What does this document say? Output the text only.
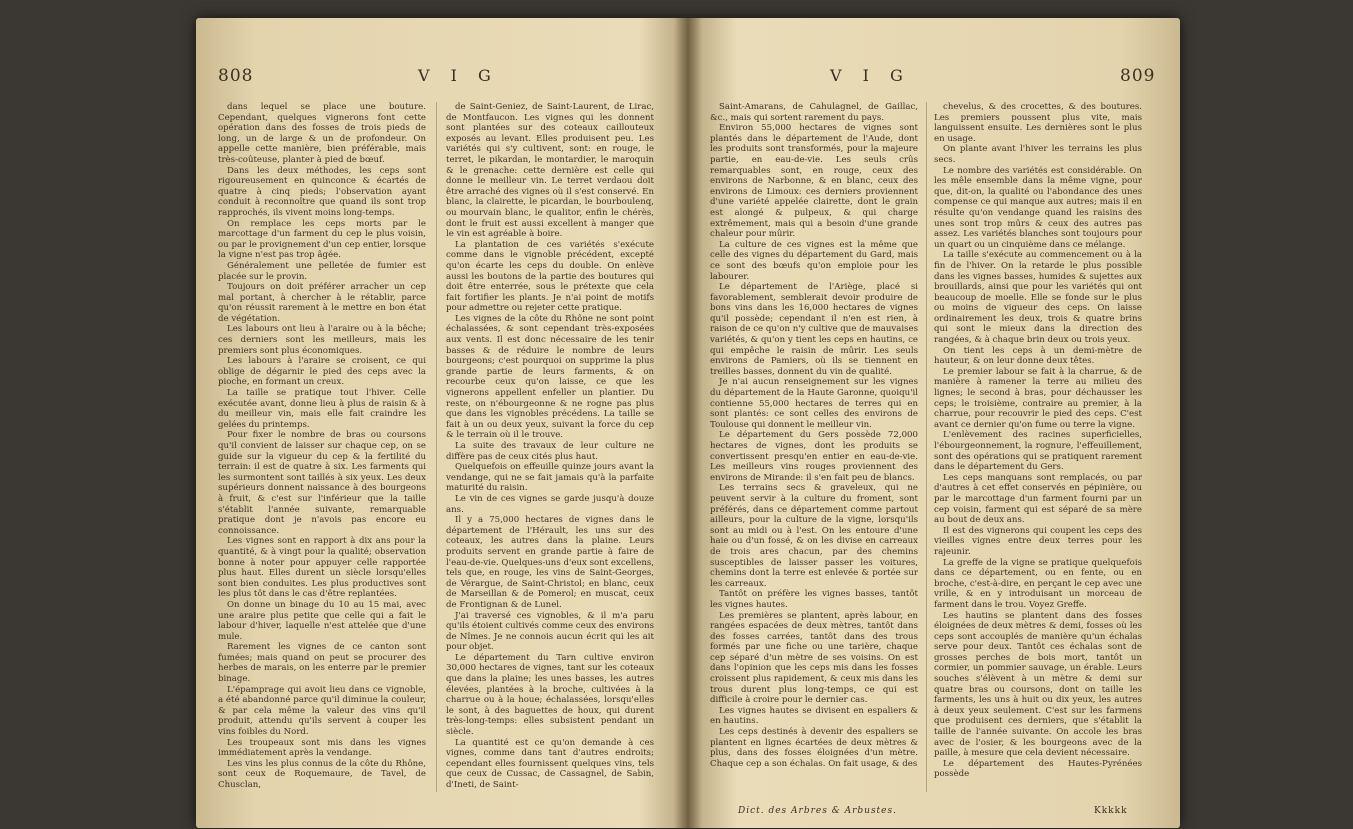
808	V I G

dans lequel se place une bouture. Cependant, quelques vignerons font cette opération dans des fosses de trois pieds de long, un de large & un de profondeur. On appelle cette manière, bien préférable, mais très-coûteuse, planter à pied de bœuf.

Dans les deux méthodes, les ceps sont rigoureusement en quinconce & écartés de quatre à cinq pieds; l'observation ayant conduit à reconnoître que quand ils sont trop rapprochés, ils vivent moins long-temps.

On remplace les ceps morts par le marcottage d'un farment du cep le plus voisin, ou par le provignement d'un cep entier, lorsque la vigne n'est pas trop âgée.

Généralement une pelletée de fumier est placée sur le provin.

Toujours on doit préférer arracher un cep mal portant, à chercher à le rétablir, parce qu'on réussit rarement à le mettre en bon état de végétation.

Les labours ont lieu à l'araire ou à la bêche; ces derniers sont les meilleurs, mais les premiers sont plus économiques.

Les labours à l'araire se croisent, ce qui oblige de dégarnir le pied des ceps avec la pioche, en formant un creux.

La taille se pratique tout l'hiver. Celle exécutée avant, donne lieu à plus de raisin & à du meilleur vin, mais elle fait craindre les gelées du printemps.

Pour fixer le nombre de bras ou coursons qu'il convient de laisser sur chaque cep, on se guide sur la vigueur du cep & la fertilité du terrain: il est de quatre à six. Les farments qui les surmontent sont taillés à six yeux. Les deux supérieurs donnent naissance à des bourgeons à fruit, & c'est sur l'inférieur que la taille s'établit l'année suivante, remarquable pratique dont je n'avois pas encore eu connoissance.

Les vignes sont en rapport à dix ans pour la quantité, & à vingt pour la qualité; observation bonne à noter pour appuyer celle rapportée plus haut. Elles durent un siècle lorsqu'elles sont bien conduites. Les plus productives sont les plus tôt dans le cas d'être replantées.

On donne un binage du 10 au 15 mai, avec une araire plus petite que celle qui a fait le labour d'hiver, laquelle n'est attelée que d'une mule.

Rarement les vignes de ce canton sont fumées; mais quand on peut se procurer des herbes de marais, on les enterre par le premier binage.

L'épamprage qui avoit lieu dans ce vignoble, a été abandonné parce qu'il diminue la couleur, & par cela même la valeur des vins qu'il produit, attendu qu'ils servent à couper les vins foibles du Nord.

Les troupeaux sont mis dans les vignes immédiatement après la vendange.

Les vins les plus connus de la côte du Rhône, sont ceux de Roquemaure, de Tavel, de Chusclan,

de Saint-Geniez, de Saint-Laurent, de Lirac, de Montfaucon. Les vignes qui les donnent sont plantées sur des coteaux caillouteux exposés au levant. Elles produisent peu. Les variétés qui s'y cultivent, sont: en rouge, le terret, le pikardan, le montardier, le maroquin & le grenache: cette dernière est celle qui donne le meilleur vin. Le terret verdaou doit être arraché des vignes où il s'est conservé. En blanc, la clairette, le picardan, le bourboulenq, ou mourvain blanc, le qualitor, enfin le chérès, dont le fruit est aussi excellent à manger que le vin est agréable à boire.

La plantation de ces variétés s'exécute comme dans le vignoble précédent, excepté qu'on écarte les ceps du double. On enlève aussi les boutons de la partie des boutures qui doit être enterrée, sous le prétexte que cela fait fortifier les plants. Je n'ai point de motifs pour admettre ou rejeter cette pratique.

Les vignes de la côte du Rhône ne sont point échalassées, & sont cependant très-exposées aux vents. Il est donc nécessaire de les tenir basses & de réduire le nombre de leurs bourgeons; c'est pourquoi on supprime la plus grande partie de leurs farments, & on recourbe ceux qu'on laisse, ce que les vignerons appellent enfeller un plantier. Du reste, on n'ébourgeonne & ne rogne pas plus que dans les vignobles précédens. La taille se fait à un ou deux yeux, suivant la force du cep & le terrain où il le trouve.

La suite des travaux de leur culture ne diffère pas de ceux cités plus haut.

Quelquefois on effeuille quinze jours avant la vendange, qui ne se fait jamais qu'à la parfaite maturité du raisin.

Le vin de ces vignes se garde jusqu'à douze ans.

Il y a 75,000 hectares de vignes dans le département de l'Hérault, les uns sur des coteaux, les autres dans la plaine. Leurs produits servent en grande partie à faire de l'eau-de-vie. Quelques-uns d'eux sont excellens, tels que, en rouge, les vins de Saint-Georges, de Vérargue, de Saint-Christol; en blanc, ceux de Marseillan & de Pomerol; en muscat, ceux de Frontignan & de Lunel.

J'ai traversé ces vignobles, & il m'a paru qu'ils étoient cultivés comme ceux des environs de Nîmes. Je ne connois aucun écrit qui les ait pour objet.

Le département du Tarn cultive environ 30,000 hectares de vignes, tant sur les coteaux que dans la plaine; les unes basses, les autres élevées, plantées à la broche, cultivées à la charrue ou à la houe; échalassées, lorsqu'elles le sont, à des baguettes de houx, qui durent très-long-temps: elles subsistent pendant un siècle.

La quantité est ce qu'on demande à ces vignes, comme dans tant d'autres endroits; cependant elles fournissent quelques vins, tels que ceux de Cussac, de Cassagnel, de Sabin, d'Ineti, de Saint-

V I G	809

Saint-Amarans, de Cahulagnel, de Gaillac, &c., mais qui sortent rarement du pays.

Environ 55,000 hectares de vignes sont plantés dans le département de l'Aude, dont les produits sont transformés, pour la majeure partie, en eau-de-vie. Les seuls crûs remarquables sont, en rouge, ceux des environs de Narbonne, & en blanc, ceux des environs de Limoux: ces derniers proviennent d'une variété appelée clairette, dont le grain est alongé & pulpeux, & qui charge extrêmement, mais qui a besoin d'une grande chaleur pour mûrir.

La culture de ces vignes est la même que celle des vignes du département du Gard, mais ce sont des bœufs qu'on emploie pour les labourer.

Le département de l'Ariège, placé si favorablement, semblerait devoir produire de bons vins dans les 16,000 hectares de vignes qu'il possède; cependant il n'en est rien, à raison de ce qu'on n'y cultive que de mauvaises variétés, & qu'on y tient les ceps en hautins, ce qui empêche le raisin de mûrir. Les seuls environs de Pamiers, où ils se tiennent en treilles basses, donnent du vin de qualité.

Je n'ai aucun renseignement sur les vignes du département de la Haute Garonne, quoiqu'il contienne 55,000 hectares de terres qui en sont plantés: ce sont celles des environs de Toulouse qui donnent le meilleur vin.

Le département du Gers possède 72,000 hectares de vignes, dont les produits se convertissent presqu'en entier en eau-de-vie. Les meilleurs vins rouges proviennent des environs de Mirande: il s'en fait peu de blancs.

Les terrains secs & graveleux, qui ne peuvent servir à la culture du froment, sont préférés, dans ce département comme partout ailleurs, pour la culture de la vigne, lorsqu'ils sont au midi ou à l'est. On les entoure d'une haie ou d'un fossé, & on les divise en carreaux de trois ares chacun, par des chemins susceptibles de laisser passer les voitures, chemins dont la terre est enlevée & portée sur les carreaux.

Tantôt on préfère les vignes basses, tantôt les vignes hautes.

Les premières se plantent, après labour, en rangées espacées de deux mètres, tantôt dans des fosses carrées, tantôt dans des trous formés par une fiche ou une tarière, chaque cep séparé d'un mètre de ses voisins. On est dans l'opinion que les ceps mis dans les fosses croissent plus rapidement, & ceux mis dans les trous durent plus long-temps, ce qui est difficile à croire pour le dernier cas.

Les vignes hautes se divisent en espaliers & en hautins.

Les ceps destinés à devenir des espaliers se plantent en lignes écartées de deux mètres & plus, dans des fosses éloignées d'un mètre. Chaque cep a son échalas. On fait usage, & des

chevelus, & des crocettes, & des boutures. Les premiers poussent plus vite, mais languissent ensuite. Les dernières sont le plus en usage.

On plante avant l'hiver les terrains les plus secs.

Le nombre des variétés est considérable. On les mêle ensemble dans la même vigne, pour que, dit-on, la qualité ou l'abondance des unes compense ce qui manque aux autres; mais il en résulte qu'on vendange quand les raisins des unes sont trop mûrs & ceux des autres pas assez. Les variétés blanches sont toujours pour un quart ou un cinquième dans ce mélange.

La taille s'exécute au commencement ou à la fin de l'hiver. On la retarde le plus possible dans les vignes basses, humides & sujettes aux brouillards, ainsi que pour les variétés qui ont beaucoup de moelle. Elle se fonde sur le plus ou moins de vigueur des ceps. On laisse ordinairement les deux, trois & quatre brins qui sont le mieux dans la direction des rangées, & à chaque brin deux ou trois yeux.

On tient les ceps à un demi-mètre de hauteur, & on leur donne deux têtes.

Le premier labour se fait à la charrue, & de manière à ramener la terre au milieu des lignes; le second à bras, pour déchausser les ceps; le troisième, contraire au premier, à la charrue, pour recouvrir le pied des ceps. C'est avant ce dernier qu'on fume ou terre la vigne.

L'enlèvement des racines superficielles, l'ébourgeonnement, la rognure, l'effeuillement, sont des opérations qui se pratiquent rarement dans le département du Gers.

Les ceps manquans sont remplacés, ou par d'autres à cet effet conservés en pépinière, ou par le marcottage d'un farment fourni par un cep voisin, farment qui est séparé de sa mère au bout de deux ans.

Il est des vignerons qui coupent les ceps des vieilles vignes entre deux terres pour les rajeunir.

La greffe de la vigne se pratique quelquefois dans ce département, ou en fente, ou en broche, c'est-à-dire, en perçant le cep avec une vrille, & en y introduisant un morceau de farment dans le trou. Voyez Greffe.

Les hautins se plantent dans des fosses éloignées de deux mètres & demi, fosses où les ceps sont accouplés de manière qu'un échalas serve pour deux. Tantôt ces échalas sont de grosses perches de bois mort, tantôt un cormier, un pommier sauvage, un érable. Leurs souches s'élèvent à un mètre & demi sur quatre bras ou coursons, dont on taille les farments, les uns à huit ou dix yeux, les autres à deux yeux seulement. C'est sur les farmens que produisent ces derniers, que s'établit la taille de l'année suivante. On accole les bras avec de l'osier, & les bourgeons avec de la paille, à mesure que cela devient nécessaire.

Le département des Hautes-Pyrénées possède

Dict. des Arbres & Arbustes.	Kkkkk
